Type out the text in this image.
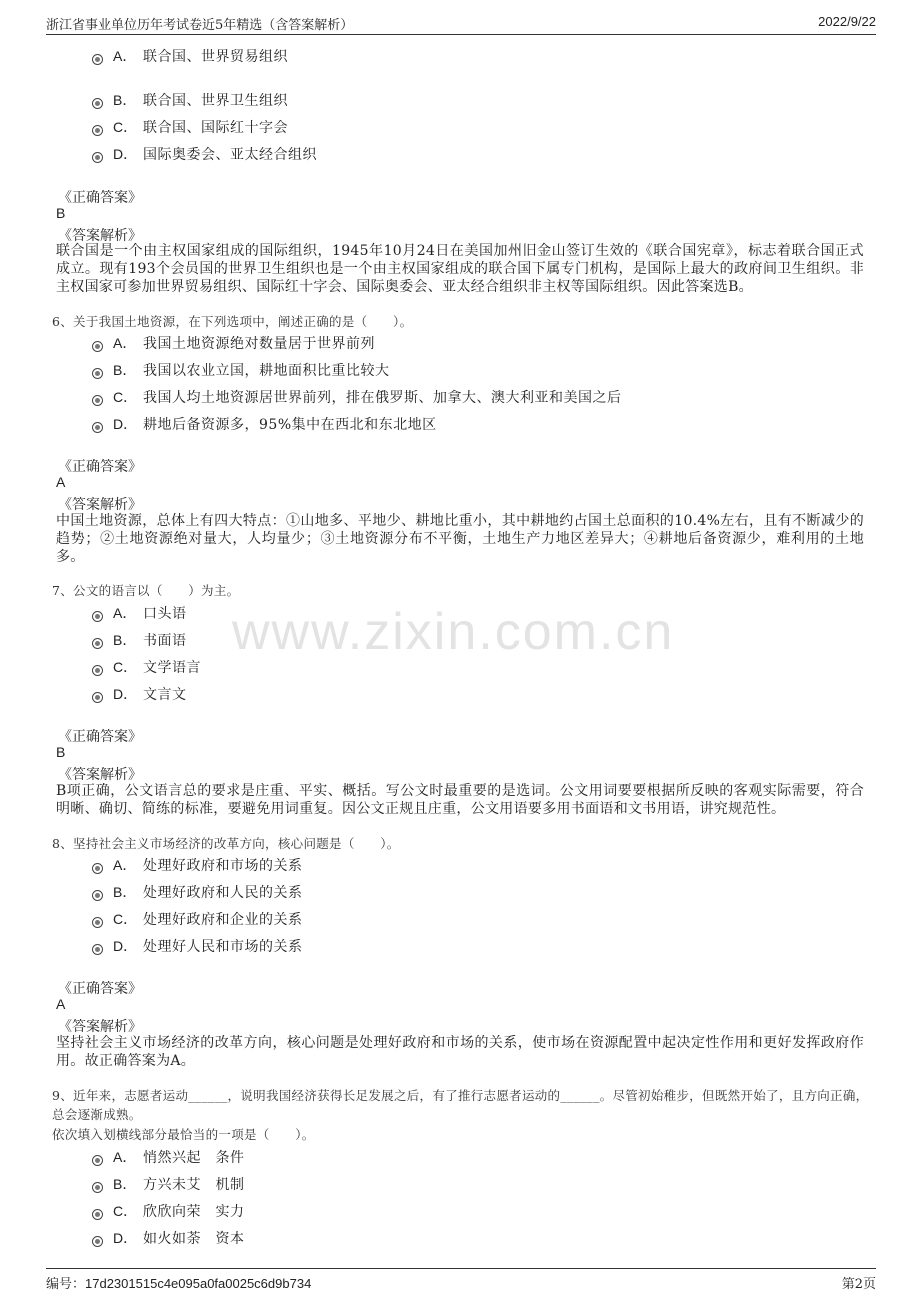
浙江省事业单位历年考试卷近5年精选（含答案解析）	2022/9/22
www.zixin.com.cn
A． 联合国、世界贸易组织
B． 联合国、世界卫生组织
C． 联合国、国际红十字会
D． 国际奥委会、亚太经合组织
《正确答案》
B
《答案解析》
联合国是一个由主权国家组成的国际组织，1945年10月24日在美国加州旧金山签订生效的《联合国宪章》，标志着联合国正式成立。现有193个会员国的世界卫生组织也是一个由主权国家组成的联合国下属专门机构，是国际上最大的政府间卫生组织。非主权国家可参加世界贸易组织、国际红十字会、国际奥委会、亚太经合组织非主权等国际组织。因此答案选B。
6、关于我国土地资源，在下列选项中，阐述正确的是（　　）。
A． 我国土地资源绝对数量居于世界前列
B． 我国以农业立国，耕地面积比重比较大
C． 我国人均土地资源居世界前列，排在俄罗斯、加拿大、澳大利亚和美国之后
D． 耕地后备资源多，95%集中在西北和东北地区
《正确答案》
A
《答案解析》
中国土地资源，总体上有四大特点：①山地多、平地少、耕地比重小，其中耕地约占国土总面积的10.4%左右，且有不断减少的趋势；②土地资源绝对量大，人均量少；③土地资源分布不平衡，土地生产力地区差异大；④耕地后备资源少，难利用的土地多。
7、公文的语言以（　　）为主。
A． 口头语
B． 书面语
C． 文学语言
D． 文言文
《正确答案》
B
《答案解析》
B项正确，公文语言总的要求是庄重、平实、概括。写公文时最重要的是选词。公文用词要要根据所反映的客观实际需要，符合明晰、确切、简练的标准，要避免用词重复。因公文正规且庄重，公文用语要多用书面语和文书用语，讲究规范性。
8、坚持社会主义市场经济的改革方向，核心问题是（　　）。
A． 处理好政府和市场的关系
B． 处理好政府和人民的关系
C． 处理好政府和企业的关系
D． 处理好人民和市场的关系
《正确答案》
A
《答案解析》
坚持社会主义市场经济的改革方向，核心问题是处理好政府和市场的关系，使市场在资源配置中起决定性作用和更好发挥政府作用。故正确答案为A。
9、近年来，志愿者运动______，说明我国经济获得长足发展之后，有了推行志愿者运动的______。尽管初始稚步，但既然开始了，且方向正确，总会逐渐成熟。
依次填入划横线部分最恰当的一项是（　　）。
A． 悄然兴起　条件
B． 方兴未艾　机制
C． 欣欣向荣　实力
D． 如火如荼　资本
编号：17d2301515c4e095a0fa0025c6d9b734	第2页
